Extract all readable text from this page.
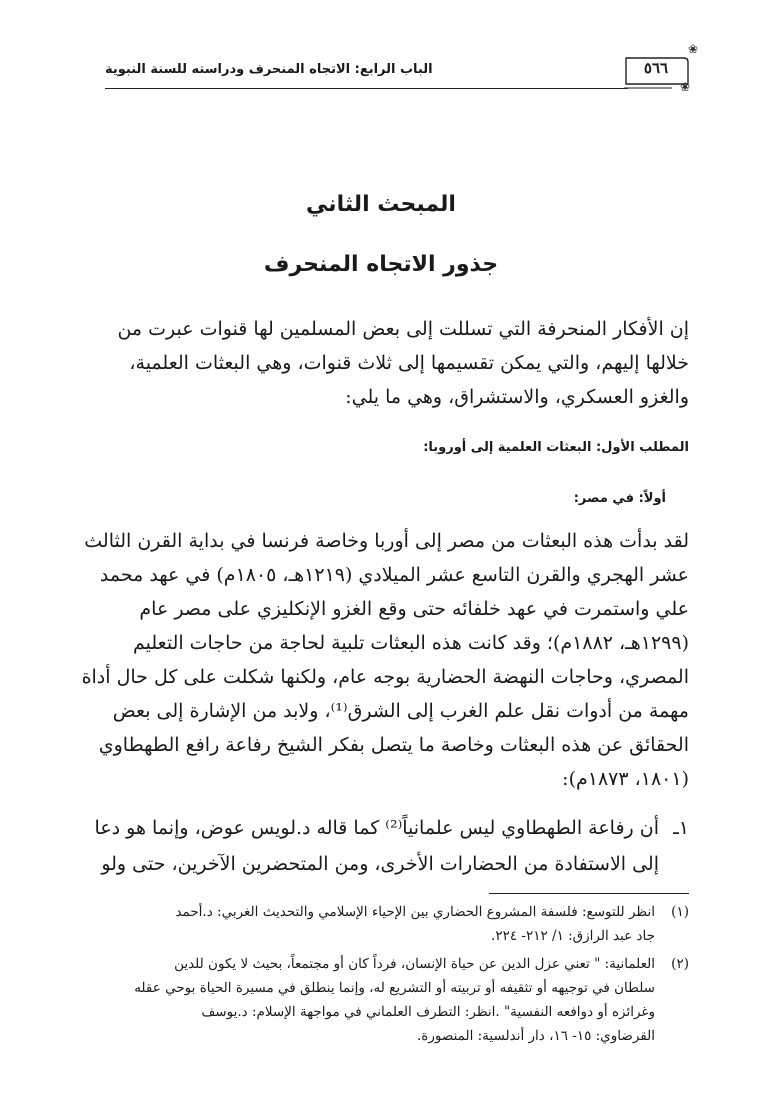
الباب الرابع: الاتجاه المنحرف ودراسته للسنة النبوية	٥٦٦
❀
❀
المبحث الثاني
جذور الاتجاه المنحرف
إن الأفكار المنحرفة التي تسللت إلى بعض المسلمين لها قنوات عبرت من
خلالها إليهم، والتي يمكن تقسيمها إلى ثلاث قنوات، وهي البعثات العلمية،
والغزو العسكري، والاستشراق، وهي ما يلي:
المطلب الأول: البعثات العلمية إلى أوروبا:
أولاً: في مصر:
لقد بدأت هذه البعثات من مصر إلى أوربا وخاصة فرنسا في بداية القرن الثالث
عشر الهجري والقرن التاسع عشر الميلادي (١٢١٩هـ، ١٨٠٥م) في عهد محمد
علي واستمرت في عهد خلفائه حتى وقع الغزو الإنكليزي على مصر عام
(١٢٩٩هـ، ١٨٨٢م)؛ وقد كانت هذه البعثات تلبية لحاجة من حاجات التعليم
المصري، وحاجات النهضة الحضارية بوجه عام، ولكنها شكلت على كل حال أداة
مهمة من أدوات نقل علم الغرب إلى الشرق⁽¹⁾، ولابد من الإشارة إلى بعض
الحقائق عن هذه البعثات وخاصة ما يتصل بفكر الشيخ رفاعة رافع الطهطاوي
(١٨٠١، ١٨٧٣م):
١ـ
أن رفاعة الطهطاوي ليس علمانياً⁽²⁾ كما قاله د.لويس عوض، وإنما هو دعا
إلى الاستفادة من الحضارات الأخرى، ومن المتحضرين الآخرين، حتى ولو
(١)
انظر للتوسع: فلسفة المشروع الحضاري بين الإحياء الإسلامي والتحديث الغربي: د.أحمد
جاد عبد الرازق: ١/ ٢١٢- ٢٢٤.
(٢)
العلمانية: " تعني عزل الدين عن حياة الإنسان، فرداً كان أو مجتمعاً، بحيث لا يكون للدين
سلطان في توجيهه أو تثقيفه أو تربيته أو التشريع له، وإنما ينطلق في مسيرة الحياة بوحي عقله
وغرائزه أو دوافعه النفسية" .انظر: التطرف العلماني في مواجهة الإسلام: د.يوسف
القرضاوي: ١٥- ١٦، دار أندلسية: المنصورة.
